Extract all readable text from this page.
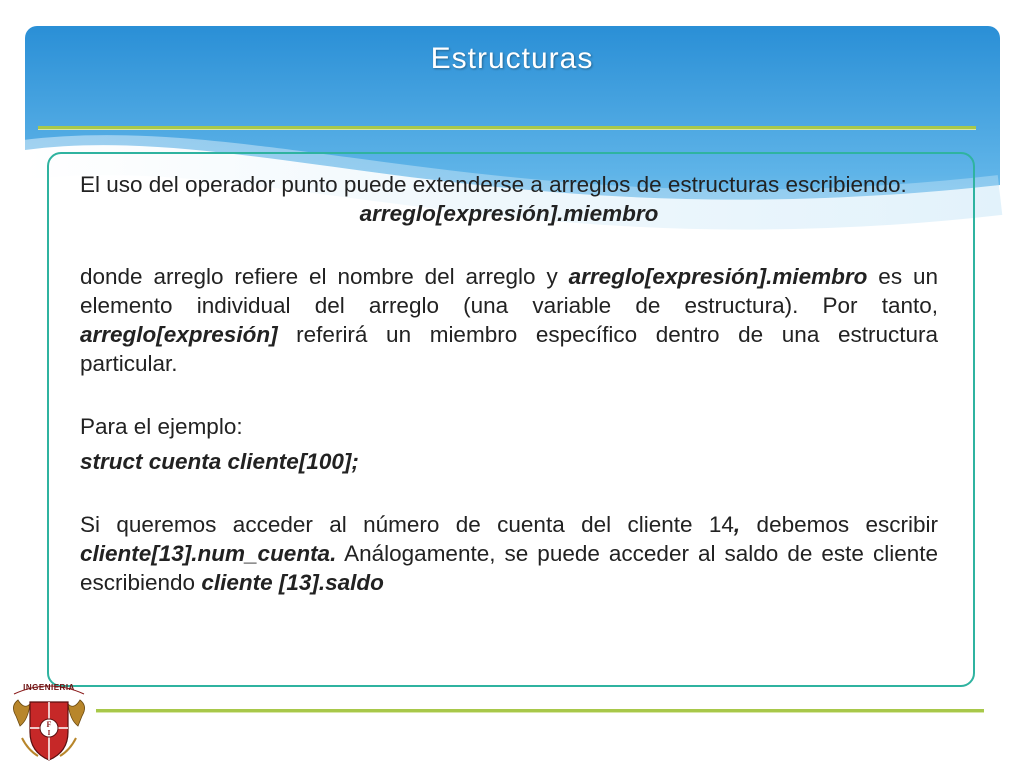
Estructuras

El uso del operador punto puede extenderse a arreglos de estructuras escribiendo:

arreglo[expresión].miembro

donde arreglo refiere el nombre del arreglo y arreglo[expresión].miembro es un elemento individual del arreglo (una variable de estructura). Por tanto, arreglo[expresión] referirá un miembro específico dentro de una estructura particular.

Para el ejemplo:

struct cuenta cliente[100];

Si queremos acceder al número de cuenta del cliente 14, debemos escribir cliente[13].num_cuenta. Análogamente, se puede acceder al saldo de este cliente escribiendo cliente [13].saldo

INGENIERIA
F
I
